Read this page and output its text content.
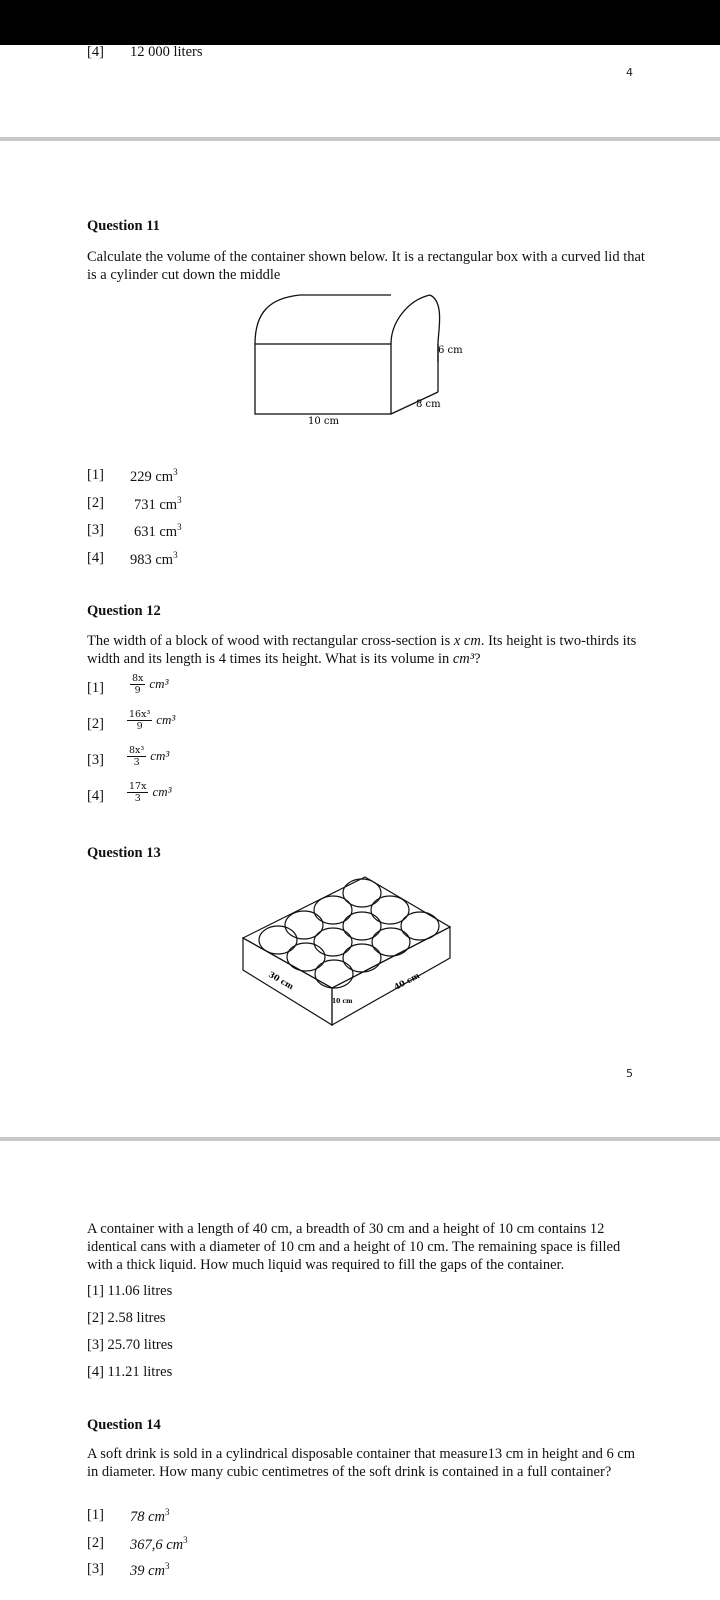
[4] 12 000 liters
4
Question 11
Calculate the volume of the container shown below. It is a rectangular box with a curved lid that is a cylinder cut down the middle
6 cm
8 cm
10 cm
[1] 229 $cm^3$
[2] 731 $cm^3$
[3] 631 $cm^3$
[4] 983 $cm^3$
Question 12
The width of a block of wood with rectangular cross-section is x cm. Its height is two-thirds its width and its length is 4 times its height. What is its volume in cm³?
[1]	$\frac{8x}{9} cm^3$
$[2] \frac{\text{16x³}}{9} cm^3$
$[3] \frac{\text{8x³}}{3} cm^3$
$[4] \frac{17x}{3} cm^3$
Question 13
30 cm
10 cm
40 cm
5
A container with a length of 40 cm, a breadth of 30 cm and a height of 10 cm contains 12 identical cans with a diameter of 10 cm and a height of 10 cm. The remaining space is filled with a thick liquid. How much liquid was required to fill the gaps of the container.
[1] 11.06 litres
[2] 2.58 litres
[3] 25.70 litres
[4] 11.21 litres
Question 14
A soft drink is sold in a cylindrical disposable container that measure13 cm in height and 6 cm in diameter. How many cubic centimetres of the soft drink is contained in a full container?
[1] 78 $cm^3$
[2] 367,6 $cm^3$
[3] 39 $cm^3$
